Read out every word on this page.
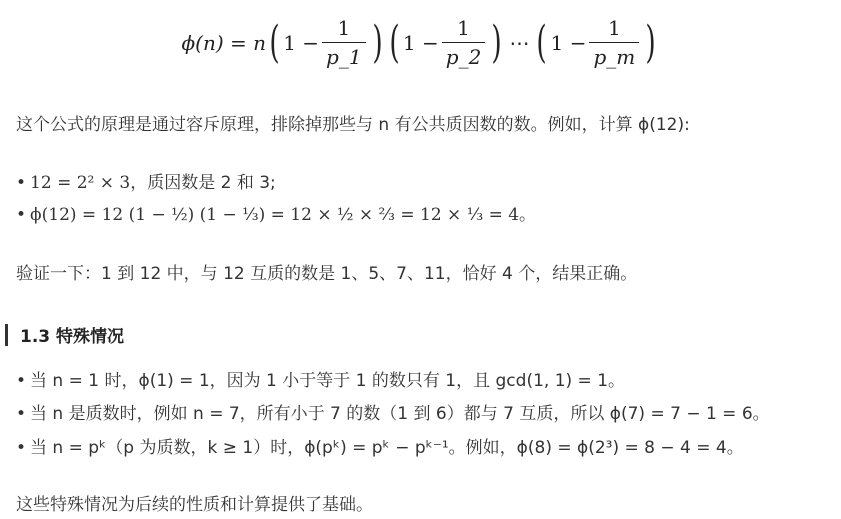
ϕ(n) = n ( $1 - \frac{1}{p\_1}$ ) ( $1 - \frac{1}{p\_2}$ ) ⋯ ( $1 - \frac{1}{p\_m}$ )
这个公式的原理是通过容斥原理，排除掉那些与 n 有公共质因数的数。例如，计算 ϕ(12):
• 12 = 2² × 3，质因数是 2 和 3;
• ϕ(12) = 12 (1 − ½) (1 − ⅓) = 12 × ½ × ⅔ = 12 × ⅓ = 4。
验证一下：1 到 12 中，与 12 互质的数是 1、5、7、11，恰好 4 个，结果正确。
1.3 特殊情况
• 当 n = 1 时，ϕ(1) = 1，因为 1 小于等于 1 的数只有 1，且 gcd(1, 1) = 1。
• 当 n 是质数时，例如 n = 7，所有小于 7 的数（1 到 6）都与 7 互质，所以 ϕ(7) = 7 − 1 = 6。
• 当 n = pᵏ（p 为质数，k ≥ 1）时，ϕ(pᵏ) = pᵏ − pᵏ⁻¹。例如，ϕ(8) = ϕ(2³) = 8 − 4 = 4。
这些特殊情况为后续的性质和计算提供了基础。
